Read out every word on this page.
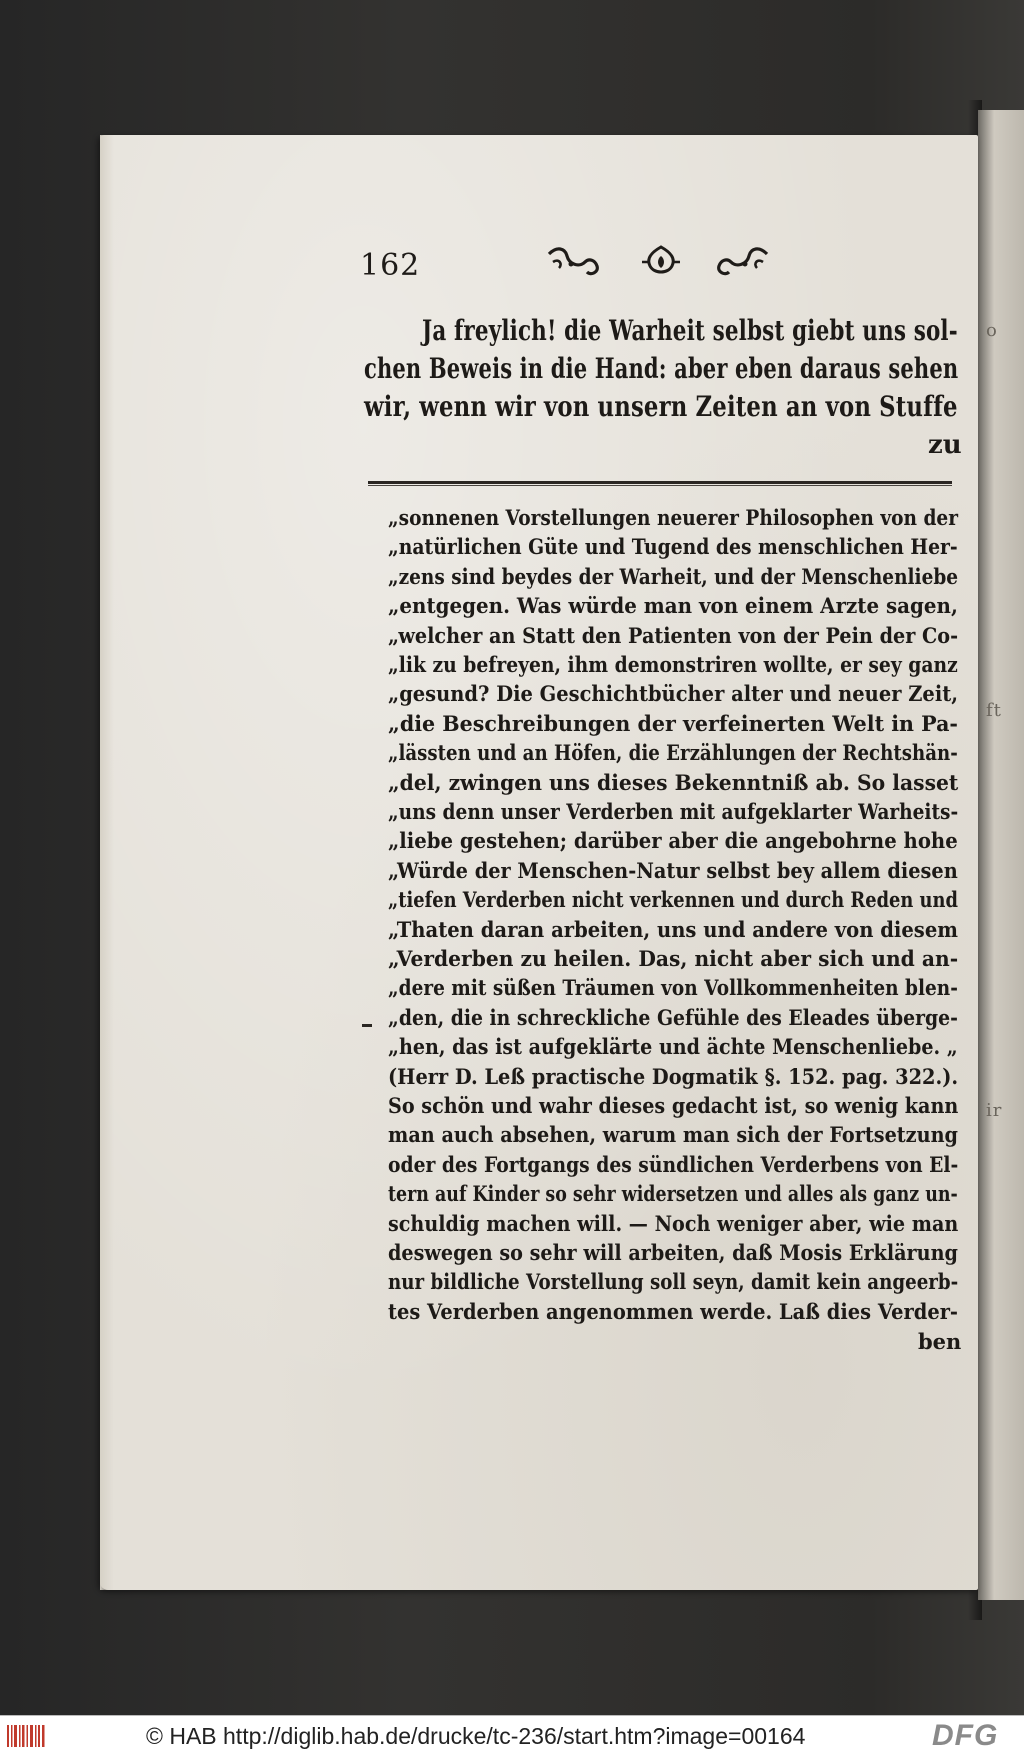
162
Ja freylich! die Warheit selbst giebt uns sol-
chen Beweis in die Hand: aber eben daraus sehen
wir, wenn wir von unsern Zeiten an von Stuffe
zu
„sonnenen Vorstellungen neuerer Philosophen von der
„natürlichen Güte und Tugend des menschlichen Her-
„zens sind beydes der Warheit, und der Menschenliebe
„entgegen. Was würde man von einem Arzte sagen,
„welcher an Statt den Patienten von der Pein der Co-
„lik zu befreyen, ihm demonstriren wollte, er sey ganz
„gesund? Die Geschichtbücher alter und neuer Zeit,
„die Beschreibungen der verfeinerten Welt in Pa-
„lässten und an Höfen, die Erzählungen der Rechtshän-
„del, zwingen uns dieses Bekenntniß ab. So lasset
„uns denn unser Verderben mit aufgeklarter Warheits-
„liebe gestehen; darüber aber die angebohrne hohe
„Würde der Menschen-Natur selbst bey allem diesen
„tiefen Verderben nicht verkennen und durch Reden und
„Thaten daran arbeiten, uns und andere von diesem
„Verderben zu heilen. Das, nicht aber sich und an-
„dere mit süßen Träumen von Vollkommenheiten blen-
„den, die in schreckliche Gefühle des Eleades überge-
„hen, das ist aufgeklärte und ächte Menschenliebe. „
(Herr D. Leß practische Dogmatik §. 152. pag. 322.).
So schön und wahr dieses gedacht ist, so wenig kann
man auch absehen, warum man sich der Fortsetzung
oder des Fortgangs des sündlichen Verderbens von El-
tern auf Kinder so sehr widersetzen und alles als ganz un-
schuldig machen will. — Noch weniger aber, wie man
deswegen so sehr will arbeiten, daß Mosis Erklärung
nur bildliche Vorstellung soll seyn, damit kein angeerb-
tes Verderben angenommen werde. Laß dies Verder-
ben
o
ft
ir
© HAB http://diglib.hab.de/drucke/tc-236/start.htm?image=00164	DFG
